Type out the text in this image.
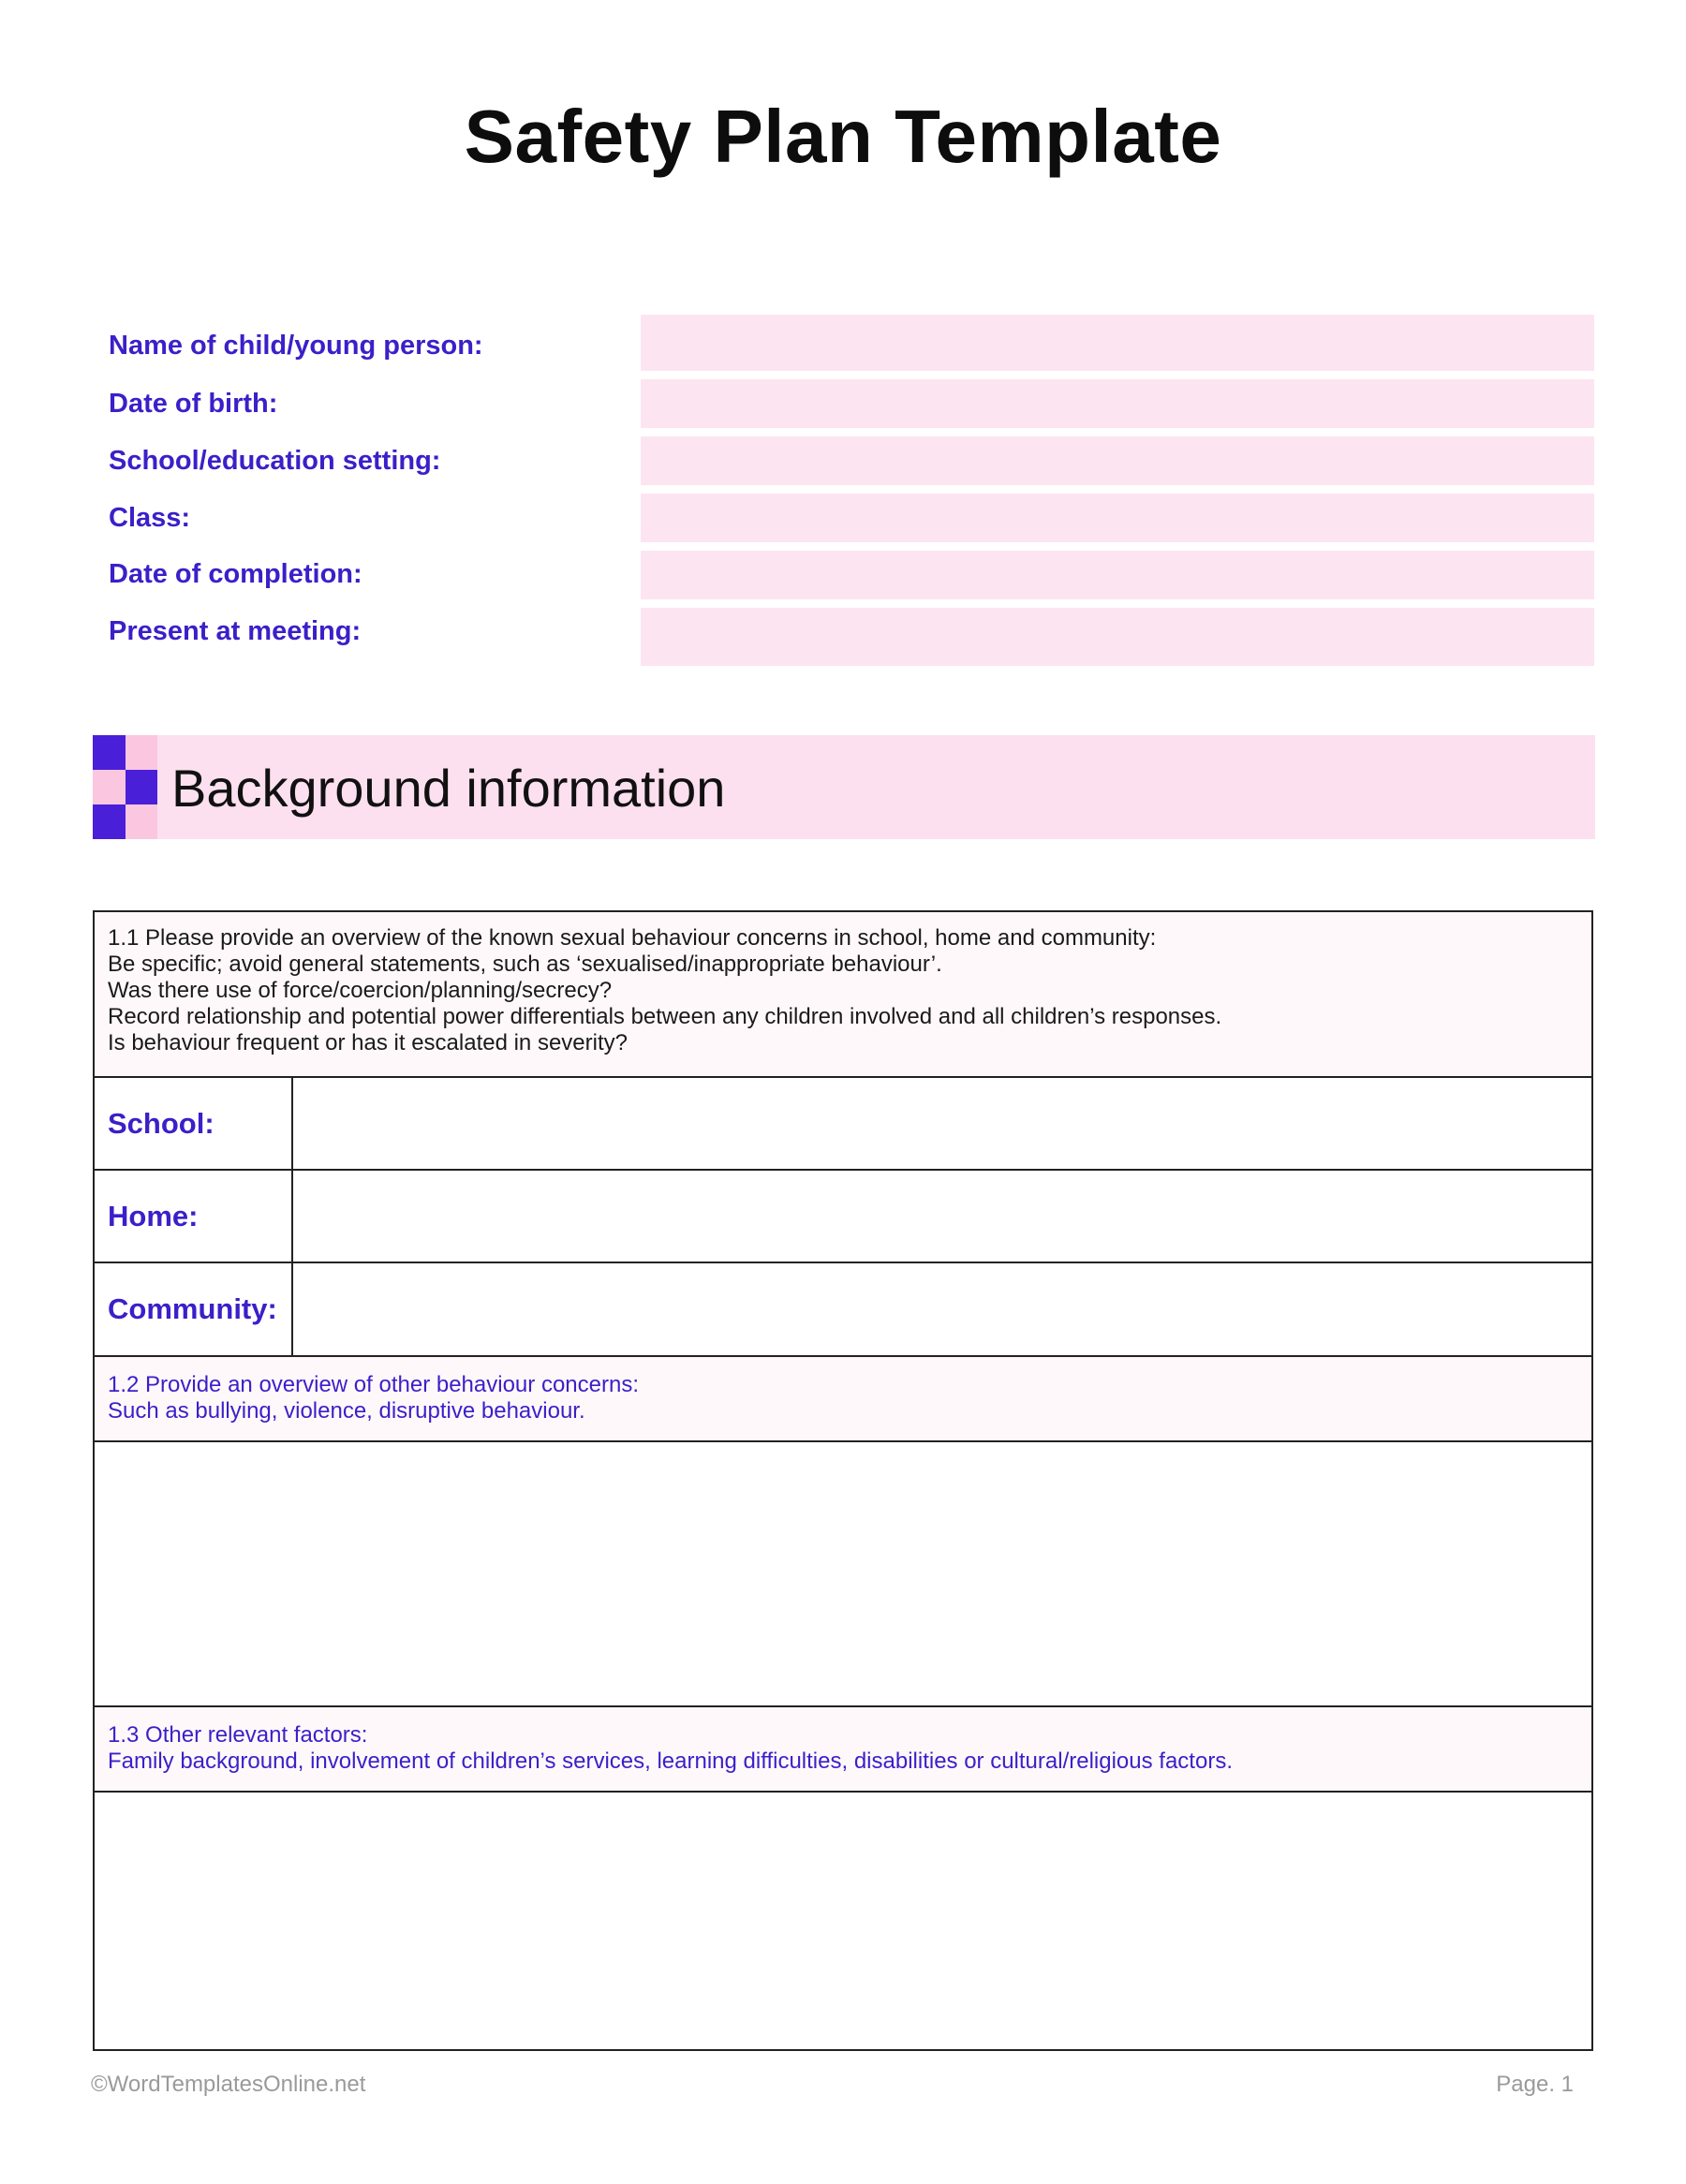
Safety Plan Template
Name of child/young person:
Date of birth:
School/education setting:
Class:
Date of completion:
Present at meeting:
Background information

1.1 Please provide an overview of the known sexual behaviour concerns in school, home and community:

Be specific; avoid general statements, such as ‘sexualised/inappropriate behaviour’.

Was there use of force/coercion/planning/secrecy?

Record relationship and potential power differentials between any children involved and all children’s responses.

Is behaviour frequent or has it escalated in severity?

School:
Home:
Community:

1.2 Provide an overview of other behaviour concerns:

Such as bullying, violence, disruptive behaviour.

1.3 Other relevant factors:

Family background, involvement of children’s services, learning difficulties, disabilities or cultural/religious factors.

©WordTemplatesOnline.net	Page. 1
